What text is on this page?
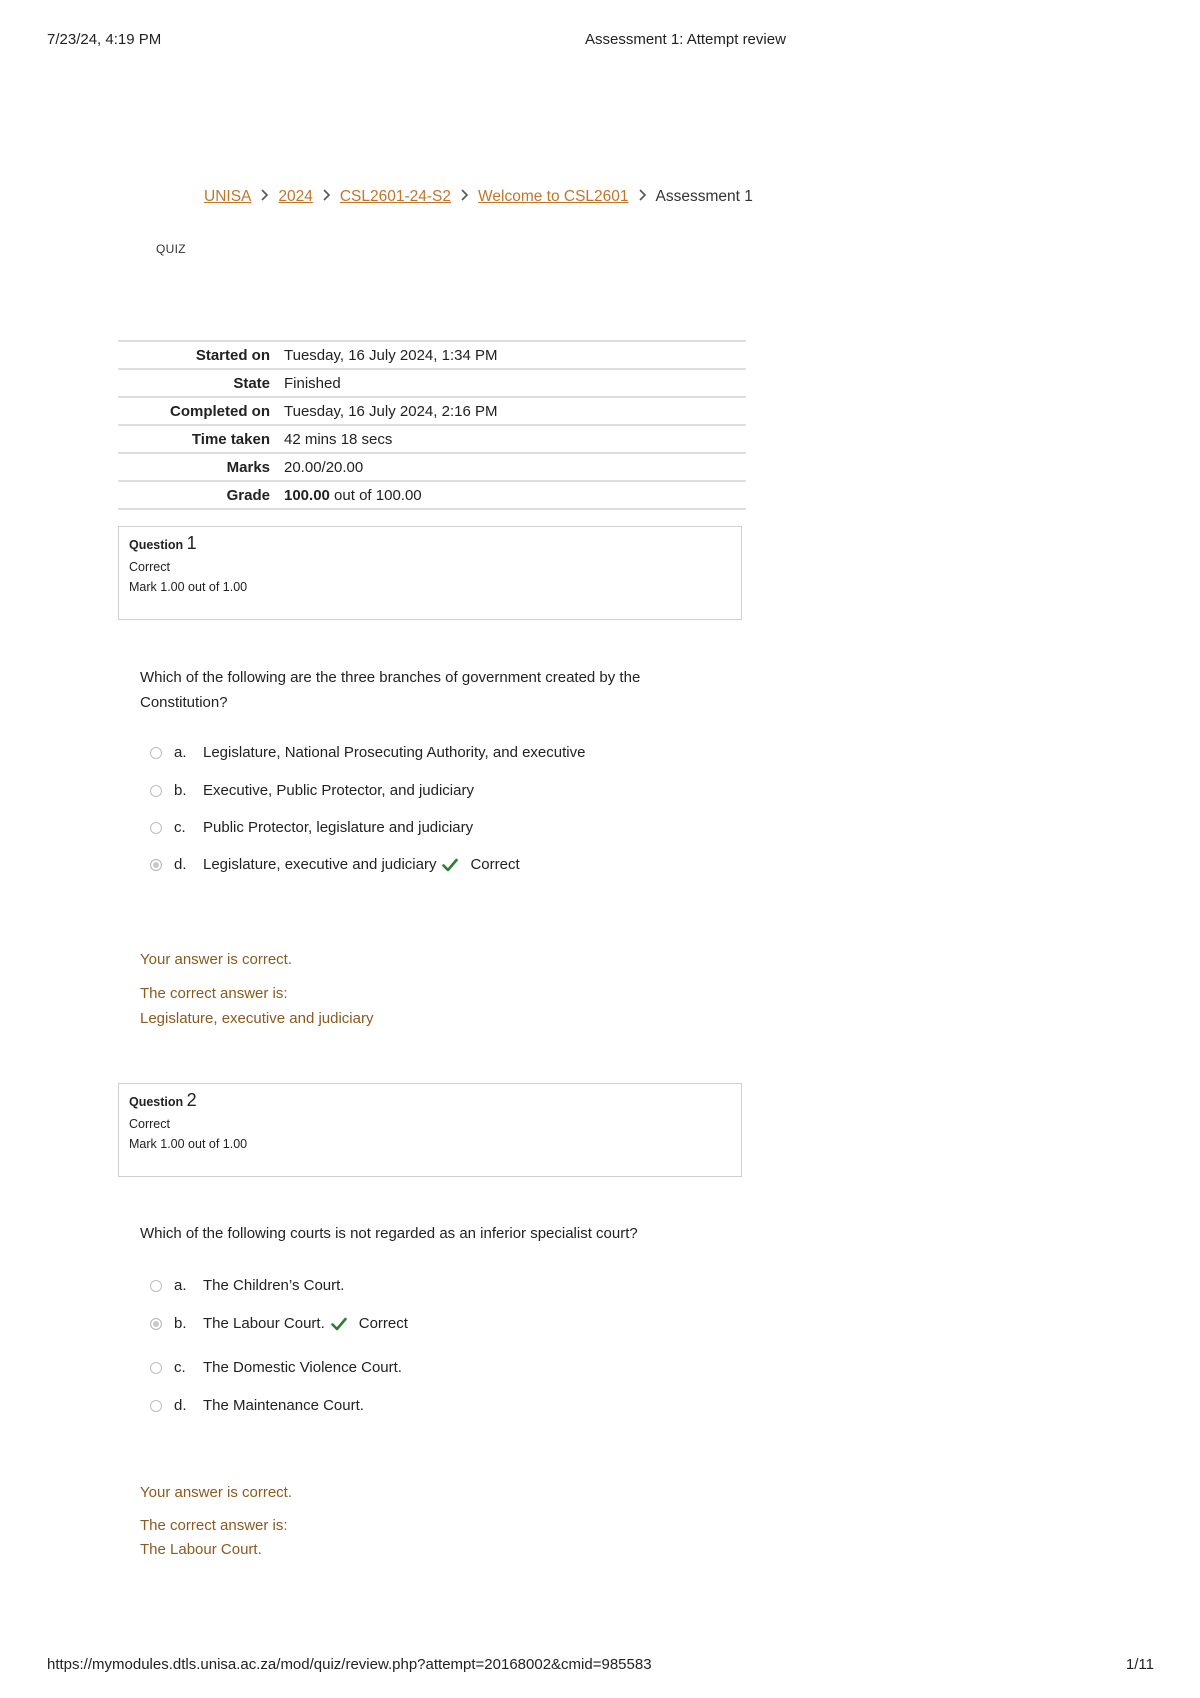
7/23/24, 4:19 PM	Assessment 1: Attempt review
UNISA 2024 CSL2601-24-S2 Welcome to CSL2601 Assessment 1
QUIZ
Started on	Tuesday, 16 July 2024, 1:34 PM
State	Finished
Completed on	Tuesday, 16 July 2024, 2:16 PM
Time taken	42 mins 18 secs
Marks	20.00/20.00
Grade	100.00 out of 100.00
Question 1
Correct
Mark 1.00 out of 1.00
Which of the following are the three branches of government created by the Constitution?
a.	Legislature, National Prosecuting Authority, and executive
b.	Executive, Public Protector, and judiciary
c.	Public Protector, legislature and judiciary
d.	Legislature, executive and judiciary Correct
Your answer is correct.
The correct answer is:
Legislature, executive and judiciary
Question 2
Correct
Mark 1.00 out of 1.00
Which of the following courts is not regarded as an inferior specialist court?
a.	The Children’s Court.
b.	The Labour Court. Correct
c.	The Domestic Violence Court.
d.	The Maintenance Court.
Your answer is correct.
The correct answer is:
The Labour Court.
https://mymodules.dtls.unisa.ac.za/mod/quiz/review.php?attempt=20168002&cmid=985583	1/11
